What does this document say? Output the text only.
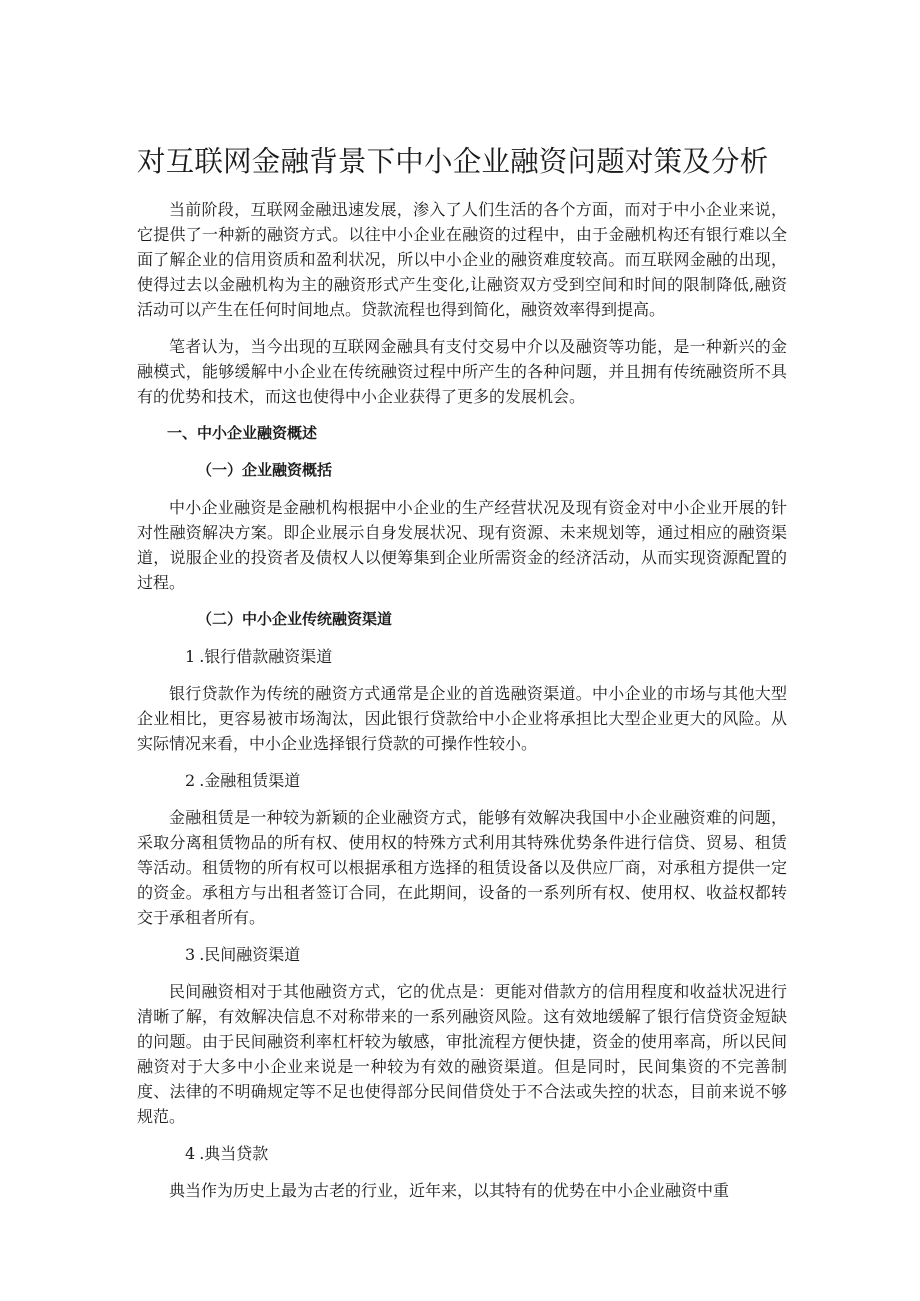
对互联网金融背景下中小企业融资问题对策及分析

当前阶段，互联网金融迅速发展，渗入了人们生活的各个方面，而对于中小企业来说，它提供了一种新的融资方式。以往中小企业在融资的过程中，由于金融机构还有银行难以全面了解企业的信用资质和盈利状况，所以中小企业的融资难度较高。而互联网金融的出现，使得过去以金融机构为主的融资形式产生变化,让融资双方受到空间和时间的限制降低,融资活动可以产生在任何时间地点。贷款流程也得到简化，融资效率得到提高。

笔者认为，当今出现的互联网金融具有支付交易中介以及融资等功能，是一种新兴的金融模式，能够缓解中小企业在传统融资过程中所产生的各种问题，并且拥有传统融资所不具有的优势和技术，而这也使得中小企业获得了更多的发展机会。

一、中小企业融资概述
（一）企业融资概括

中小企业融资是金融机构根据中小企业的生产经营状况及现有资金对中小企业开展的针对性融资解决方案。即企业展示自身发展状况、现有资源、未来规划等，通过相应的融资渠道，说服企业的投资者及债权人以便筹集到企业所需资金的经济活动，从而实现资源配置的过程。

（二）中小企业传统融资渠道
1 .银行借款融资渠道

银行贷款作为传统的融资方式通常是企业的首选融资渠道。中小企业的市场与其他大型企业相比，更容易被市场淘汰，因此银行贷款给中小企业将承担比大型企业更大的风险。从实际情况来看，中小企业选择银行贷款的可操作性较小。

2 .金融租赁渠道

金融租赁是一种较为新颖的企业融资方式，能够有效解决我国中小企业融资难的问题，采取分离租赁物品的所有权、使用权的特殊方式利用其特殊优势条件进行信贷、贸易、租赁等活动。租赁物的所有权可以根据承租方选择的租赁设备以及供应厂商，对承租方提供一定的资金。承租方与出租者签订合同，在此期间，设备的一系列所有权、使用权、收益权都转交于承租者所有。

3 .民间融资渠道

民间融资相对于其他融资方式，它的优点是：更能对借款方的信用程度和收益状况进行清晰了解，有效解决信息不对称带来的一系列融资风险。这有效地缓解了银行信贷资金短缺的问题。由于民间融资利率杠杆较为敏感，审批流程方便快捷，资金的使用率高，所以民间融资对于大多中小企业来说是一种较为有效的融资渠道。但是同时，民间集资的不完善制度、法律的不明确规定等不足也使得部分民间借贷处于不合法或失控的状态，目前来说不够规范。

4 .典当贷款

典当作为历史上最为古老的行业，近年来，以其特有的优势在中小企业融资中重
